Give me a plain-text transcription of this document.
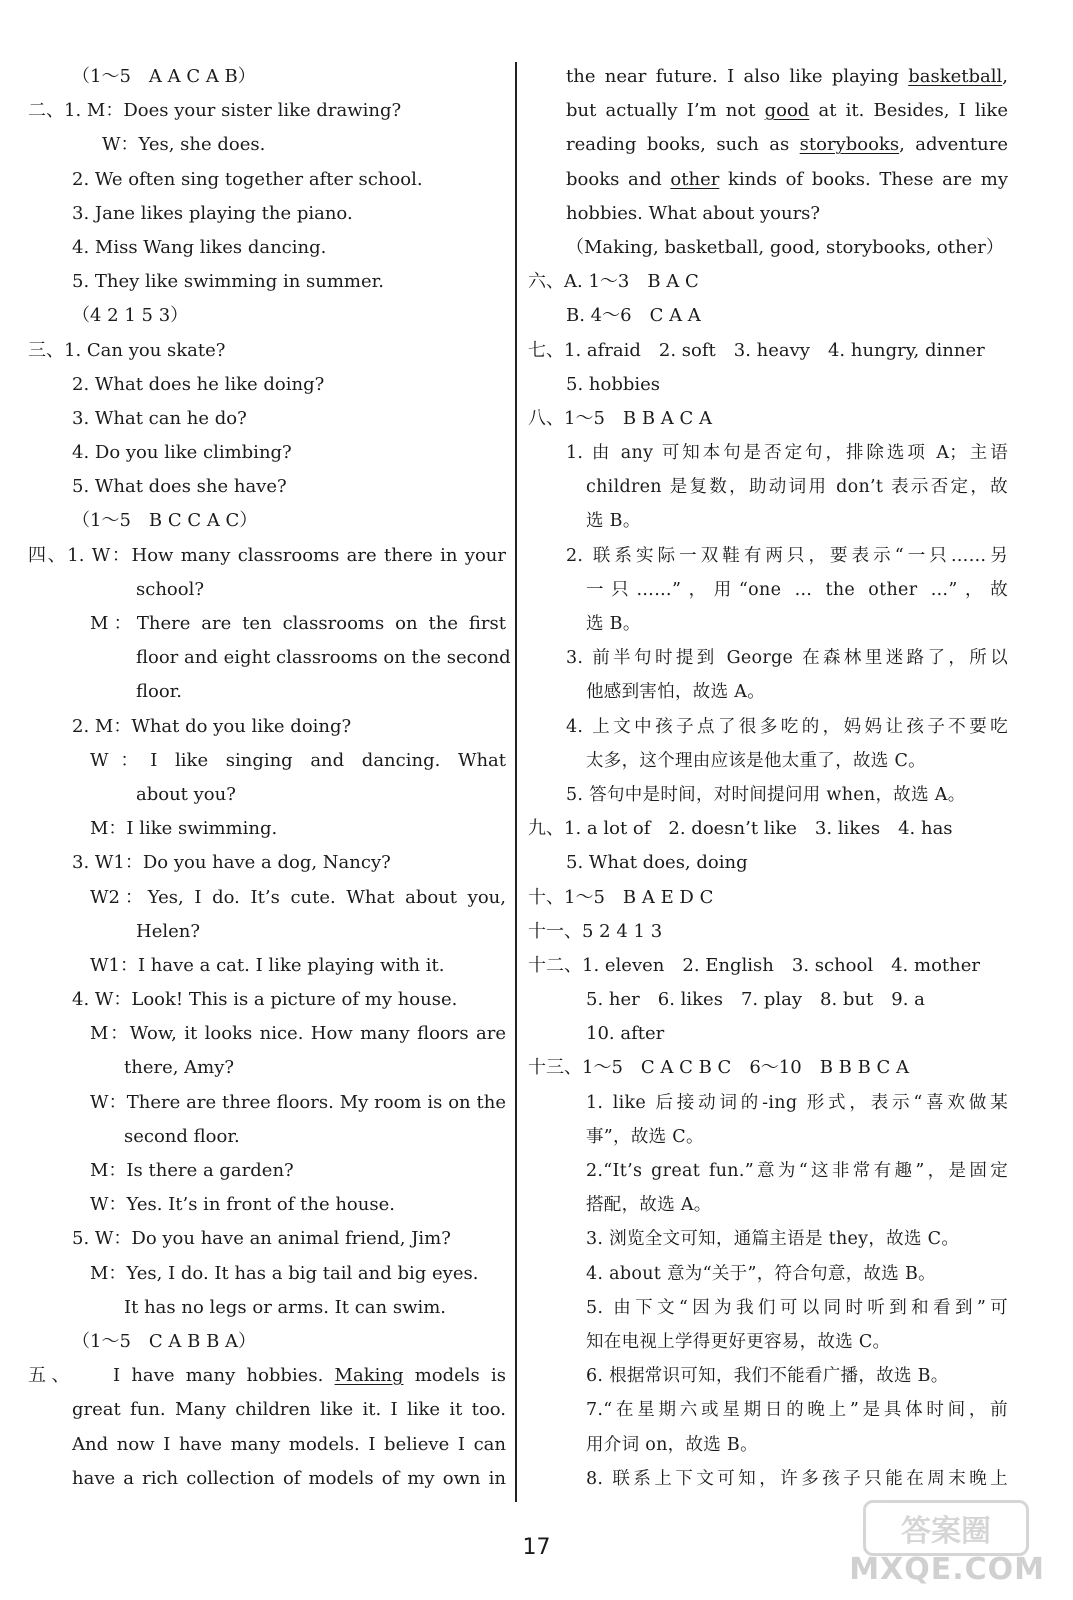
（1～5　A A C A B）
二、1. M：Does your sister like drawing?
W：Yes, she does.
2. We often sing together after school.
3. Jane likes playing the piano.
4. Miss Wang likes dancing.
5. They like swimming in summer.
（4 2 1 5 3）
三、1. Can you skate?
2. What does he like doing?
3. What can he do?
4. Do you like climbing?
5. What does she have?
（1～5　B C C A C）
四、1. W：How many classrooms are there in your
school?
M：There are ten classrooms on the first
floor and eight classrooms on the second
floor.
2. M：What do you like doing?
W：I like singing and dancing. What
about you?
M：I like swimming.
3. W1：Do you have a dog, Nancy?
W2：Yes, I do. It’s cute. What about you,
Helen?
W1：I have a cat. I like playing with it.
4. W：Look! This is a picture of my house.
M：Wow, it looks nice. How many floors are
there, Amy?
W：There are three floors. My room is on the
second floor.
M：Is there a garden?
W：Yes. It’s in front of the house.
5. W：Do you have an animal friend, Jim?
M：Yes, I do. It has a big tail and big eyes.
It has no legs or arms. It can swim.
（1～5　C A B B A）
五、　　I have many hobbies. Making models is
great fun. Many children like it. I like it too.
And now I have many models. I believe I can
have a rich collection of models of my own in
the near future. I also like playing basketball,
but actually I’m not good at it. Besides, I like
reading books, such as storybooks, adventure
books and other kinds of books. These are my
hobbies. What about yours?
（Making, basketball, good, storybooks, other）
六、A. 1～3　B A C
B. 4～6　C A A
七、1. afraid　2. soft　3. heavy　4. hungry, dinner
5. hobbies
八、1～5　B B A C A
1. 由 any 可知本句是否定句，排除选项 A；主语
children 是复数，助动词用 don’t 表示否定，故
选 B。
2. 联系实际一双鞋有两只，要表示“一只……另
一只……”，用“one … the other …”，故
选 B。
3. 前半句时提到 George 在森林里迷路了，所以
他感到害怕，故选 A。
4. 上文中孩子点了很多吃的，妈妈让孩子不要吃
太多，这个理由应该是他太重了，故选 C。
5. 答句中是时间，对时间提问用 when，故选 A。
九、1. a lot of　2. doesn’t like　3. likes　4. has
5. What does, doing
十、1～5　B A E D C
十一、5 2 4 1 3
十二、1. eleven　2. English　3. school　4. mother
5. her　6. likes　7. play　8. but　9. a
10. after
十三、1～5　C A C B C　6～10　B B B C A
1. like 后接动词的-ing 形式，表示“喜欢做某
事”，故选 C。
2.“It’s great fun.”意为“这非常有趣”，是固定
搭配，故选 A。
3. 浏览全文可知，通篇主语是 they，故选 C。
4. about 意为“关于”，符合句意，故选 B。
5. 由下文“因为我们可以同时听到和看到”可
知在电视上学得更好更容易，故选 C。
6. 根据常识可知，我们不能看广播，故选 B。
7.“在星期六或星期日的晚上”是具体时间，前
用介词 on，故选 B。
8. 联系上下文可知，许多孩子只能在周末晚上
17	答案圈
MXQE.COM
